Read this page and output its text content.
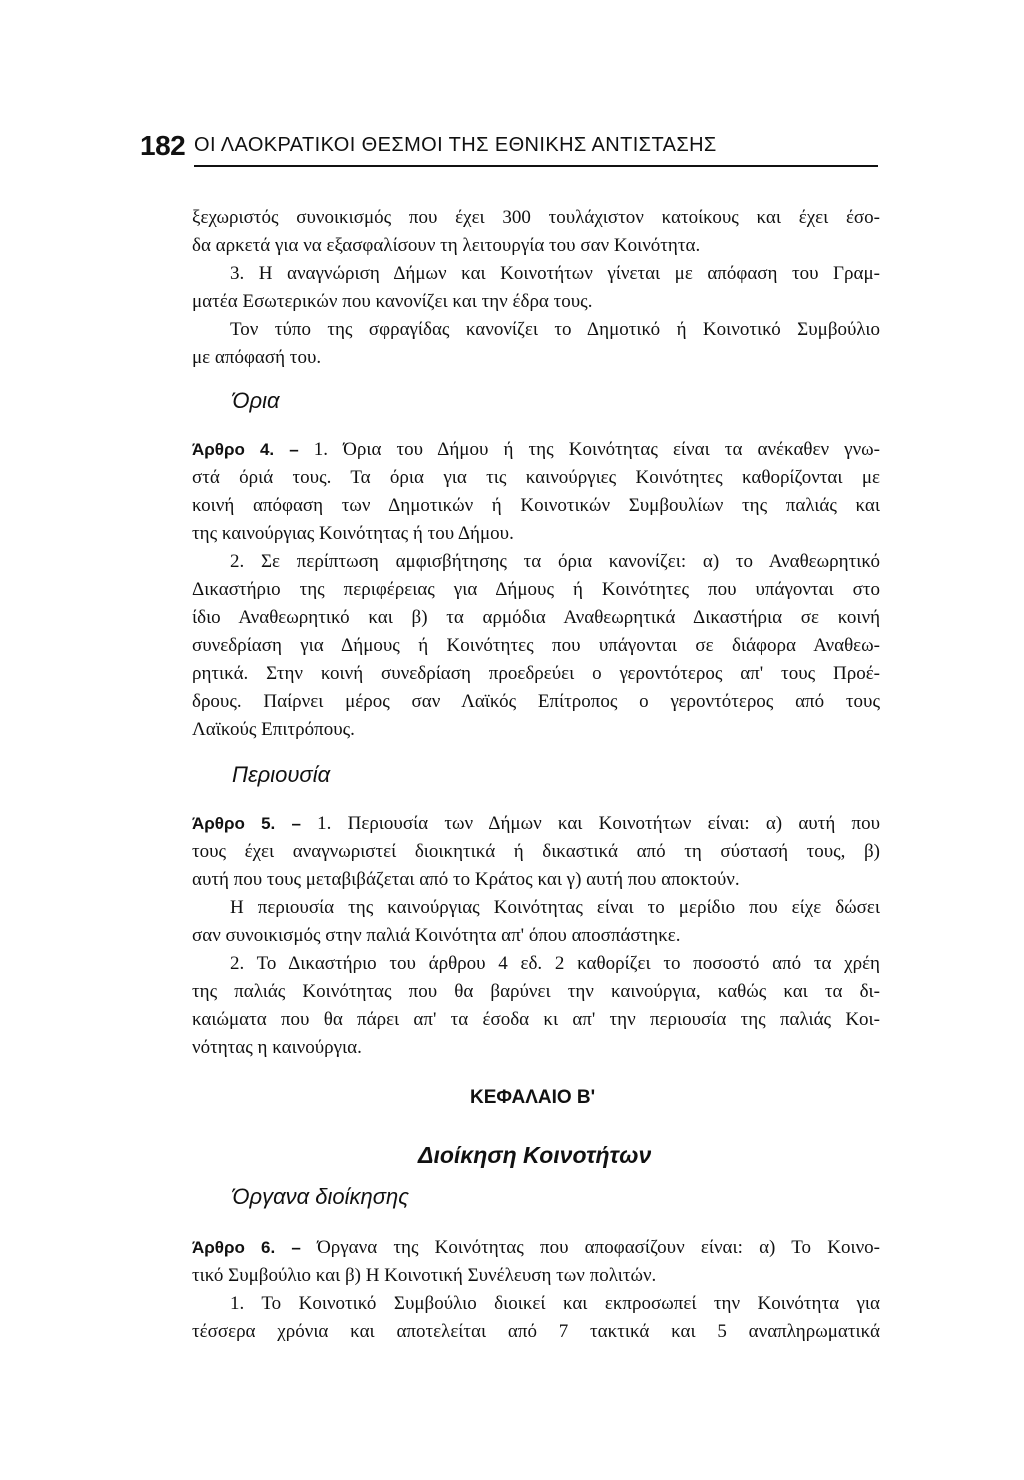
182 ΟΙ ΛΑΟΚΡΑΤΙΚΟΙ ΘΕΣΜΟΙ ΤΗΣ ΕΘΝΙΚΗΣ ΑΝΤΙΣΤΑΣΗΣ
ξεχωριστός συνοικισμός που έχει 300 τουλάχιστον κατοίκους και έχει έσο-
δα αρκετά για να εξασφαλίσουν τη λειτουργία του σαν Κοινότητα.
3. Η αναγνώριση Δήμων και Κοινοτήτων γίνεται με απόφαση του Γραμ-
ματέα Εσωτερικών που κανονίζει και την έδρα τους.
Τον τύπο της σφραγίδας κανονίζει το Δημοτικό ή Κοινοτικό Συμβούλιο
με απόφασή του.
Όρια
Άρθρο 4. – 1. Όρια του Δήμου ή της Κοινότητας είναι τα ανέκαθεν γνω-
στά όριά τους. Τα όρια για τις καινούργιες Κοινότητες καθορίζονται με
κοινή απόφαση των Δημοτικών ή Κοινοτικών Συμβουλίων της παλιάς και
της καινούργιας Κοινότητας ή του Δήμου.
2. Σε περίπτωση αμφισβήτησης τα όρια κανονίζει: α) το Αναθεωρητικό
Δικαστήριο της περιφέρειας για Δήμους ή Κοινότητες που υπάγονται στο
ίδιο Αναθεωρητικό και β) τα αρμόδια Αναθεωρητικά Δικαστήρια σε κοινή
συνεδρίαση για Δήμους ή Κοινότητες που υπάγονται σε διάφορα Αναθεω-
ρητικά. Στην κοινή συνεδρίαση προεδρεύει ο γεροντότερος απ' τους Προέ-
δρους. Παίρνει μέρος σαν Λαϊκός Επίτροπος ο γεροντότερος από τους
Λαϊκούς Επιτρόπους.
Περιουσία
Άρθρο 5. – 1. Περιουσία των Δήμων και Κοινοτήτων είναι: α) αυτή που
τους έχει αναγνωριστεί διοικητικά ή δικαστικά από τη σύστασή τους, β)
αυτή που τους μεταβιβάζεται από το Κράτος και γ) αυτή που αποκτούν.
Η περιουσία της καινούργιας Κοινότητας είναι το μερίδιο που είχε δώσει
σαν συνοικισμός στην παλιά Κοινότητα απ' όπου αποσπάστηκε.
2. Το Δικαστήριο του άρθρου 4 εδ. 2 καθορίζει το ποσοστό από τα χρέη
της παλιάς Κοινότητας που θα βαρύνει την καινούργια, καθώς και τα δι-
καιώματα που θα πάρει απ' τα έσοδα κι απ' την περιουσία της παλιάς Κοι-
νότητας η καινούργια.
ΚΕΦΑΛΑΙΟ Β'
Διοίκηση Κοινοτήτων
Όργανα διοίκησης
Άρθρο 6. – Όργανα της Κοινότητας που αποφασίζουν είναι: α) Το Κοινο-
τικό Συμβούλιο και β) Η Κοινοτική Συνέλευση των πολιτών.
1. Το Κοινοτικό Συμβούλιο διοικεί και εκπροσωπεί την Κοινότητα για
τέσσερα χρόνια και αποτελείται από 7 τακτικά και 5 αναπληρωματικά
